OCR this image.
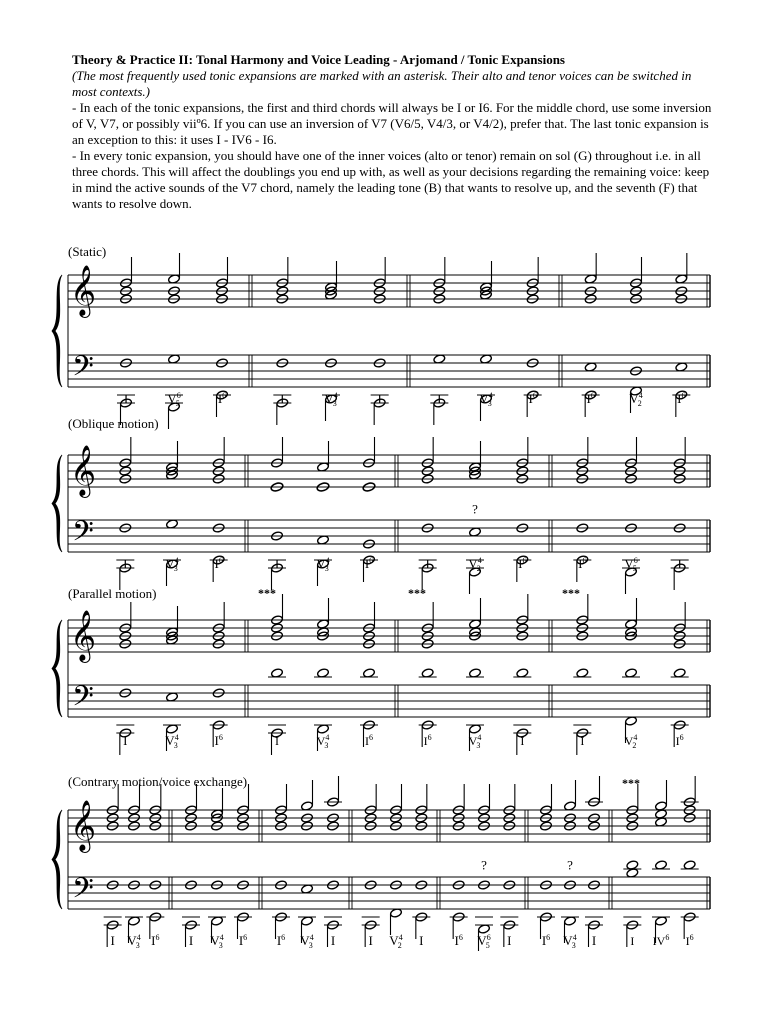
Theory & Practice II: Tonal Harmony and Voice Leading - Arjomand / Tonic Expansions

(The most frequently used tonic expansions are marked with an asterisk. Their alto and tenor voices can be switched in most contexts.)

- In each of the tonic expansions, the first and third chords will always be I or I6. For the middle chord, use some inversion of V, V7, or possibly viiº6. If you can use an inversion of V7 (V6/5, V4/3, or V4/2), prefer that. The last tonic expansion is an exception to this: it uses I - IV6 - I6.

- In every tonic expansion, you should have one of the inner voices (alto or tenor) remain on sol (G) throughout i.e. in all three chords. This will affect the doublings you end up with, as well as your decisions regarding the remaining voice: keep in mind the active sounds of the V7 chord, namely the leading tone (B) that wants to resolve up, and the seventh (F) that wants to resolve down.

(Static)
𝄞
𝄢
I	$V^6$ 5	$I^6$	I	$V^4$ 3	I	I	$V^4$ 3	$I^6$	$I^6$	$V^4$ 2	$I^6$
(Oblique motion)
𝄞
𝄢
I	$V^4$ 3	$I^6$	I	$V^4$ 3	$I^6$
?
I	$V^4$ 2	$I^6$	$I^6$	$V^6$ 5	I
(Parallel motion)
𝄞
𝄢
I	$V^4$ 3	$I^6$
***
I	$V^4$ 3	$I^6$
***
$I^6$	$V^4$ 3	I
***
I	$V^4$ 2	$I^6$
(Contrary motion/voice exchange)
𝄞
𝄢
I $V^4$ 3 $I^6$ I $V^4$ 3 $I^6$ $I^6$ $V^4$ 3 I	I $V^4$ 2 I
?
$I^6$ $V^6$ 5 I
?
$I^6$ $V^4$ 3 I
***
I $IV^6$ $I^6$
